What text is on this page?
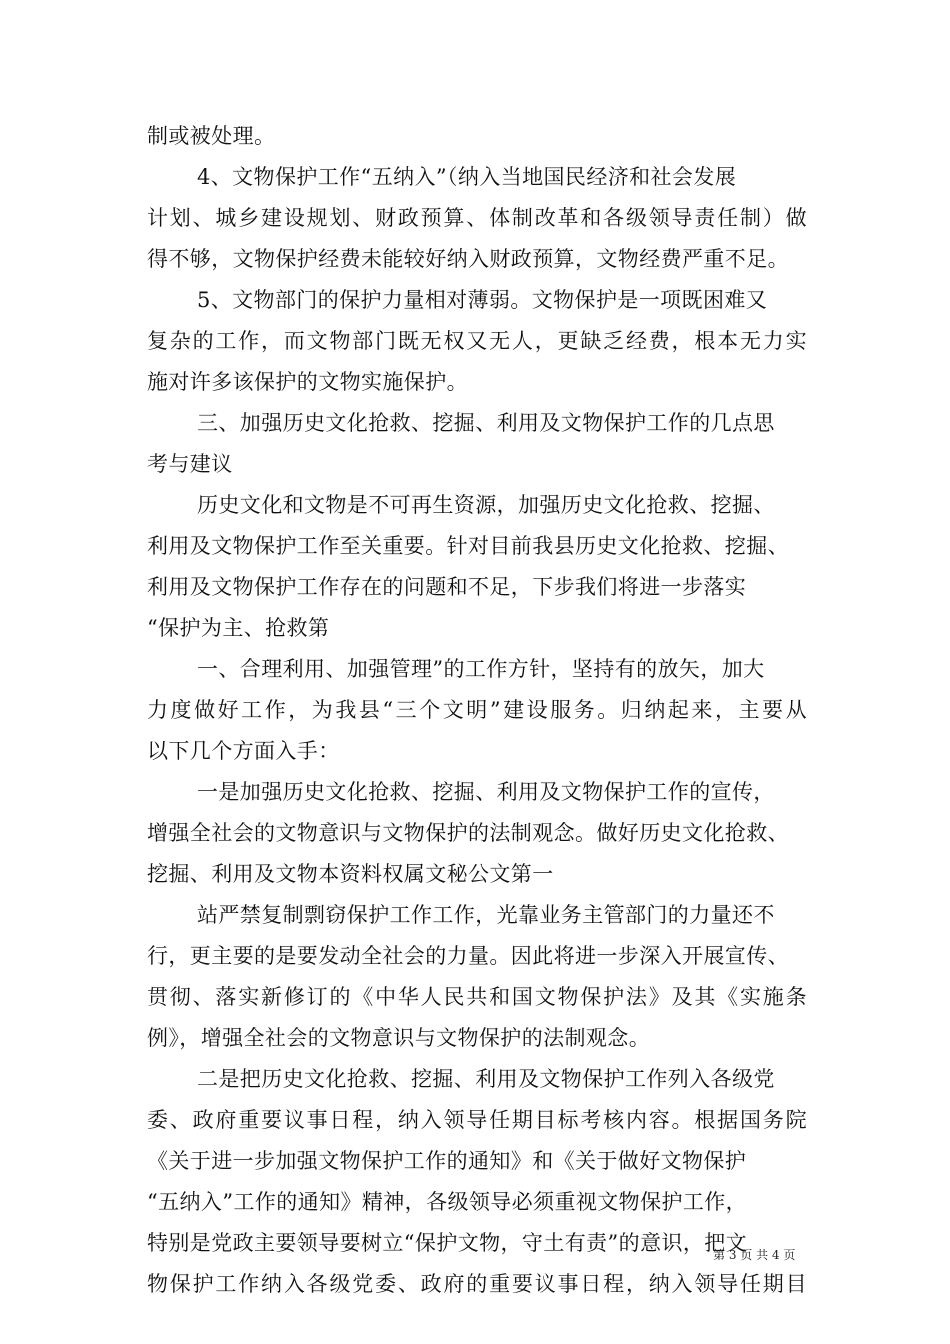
制或被处理。
4、文物保护工作“五纳入”（纳入当地国民经济和社会发展
计划、城乡建设规划、财政预算、体制改革和各级领导责任制）做
得不够，文物保护经费未能较好纳入财政预算，文物经费严重不足。
5、文物部门的保护力量相对薄弱。文物保护是一项既困难又
复杂的工作，而文物部门既无权又无人，更缺乏经费，根本无力实
施对许多该保护的文物实施保护。
三、加强历史文化抢救、挖掘、利用及文物保护工作的几点思
考与建议
历史文化和文物是不可再生资源，加强历史文化抢救、挖掘、
利用及文物保护工作至关重要。针对目前我县历史文化抢救、挖掘、
利用及文物保护工作存在的问题和不足，下步我们将进一步落实
“保护为主、抢救第
一、合理利用、加强管理”的工作方针，坚持有的放矢，加大
力度做好工作，为我县“三个文明”建设服务。归纳起来，主要从
以下几个方面入手：
一是加强历史文化抢救、挖掘、利用及文物保护工作的宣传，
增强全社会的文物意识与文物保护的法制观念。做好历史文化抢救、
挖掘、利用及文物本资料权属文秘公文第一
站严禁复制剽窃保护工作工作，光靠业务主管部门的力量还不
行，更主要的是要发动全社会的力量。因此将进一步深入开展宣传、
贯彻、落实新修订的《中华人民共和国文物保护法》及其《实施条
例》，增强全社会的文物意识与文物保护的法制观念。
二是把历史文化抢救、挖掘、利用及文物保护工作列入各级党
委、政府重要议事日程，纳入领导任期目标考核内容。根据国务院
《关于进一步加强文物保护工作的通知》和《关于做好文物保护
“五纳入”工作的通知》精神，各级领导必须重视文物保护工作，
特别是党政主要领导要树立“保护文物，守土有责”的意识，把文
物保护工作纳入各级党委、政府的重要议事日程，纳入领导任期目
第 3 页 共 4 页
